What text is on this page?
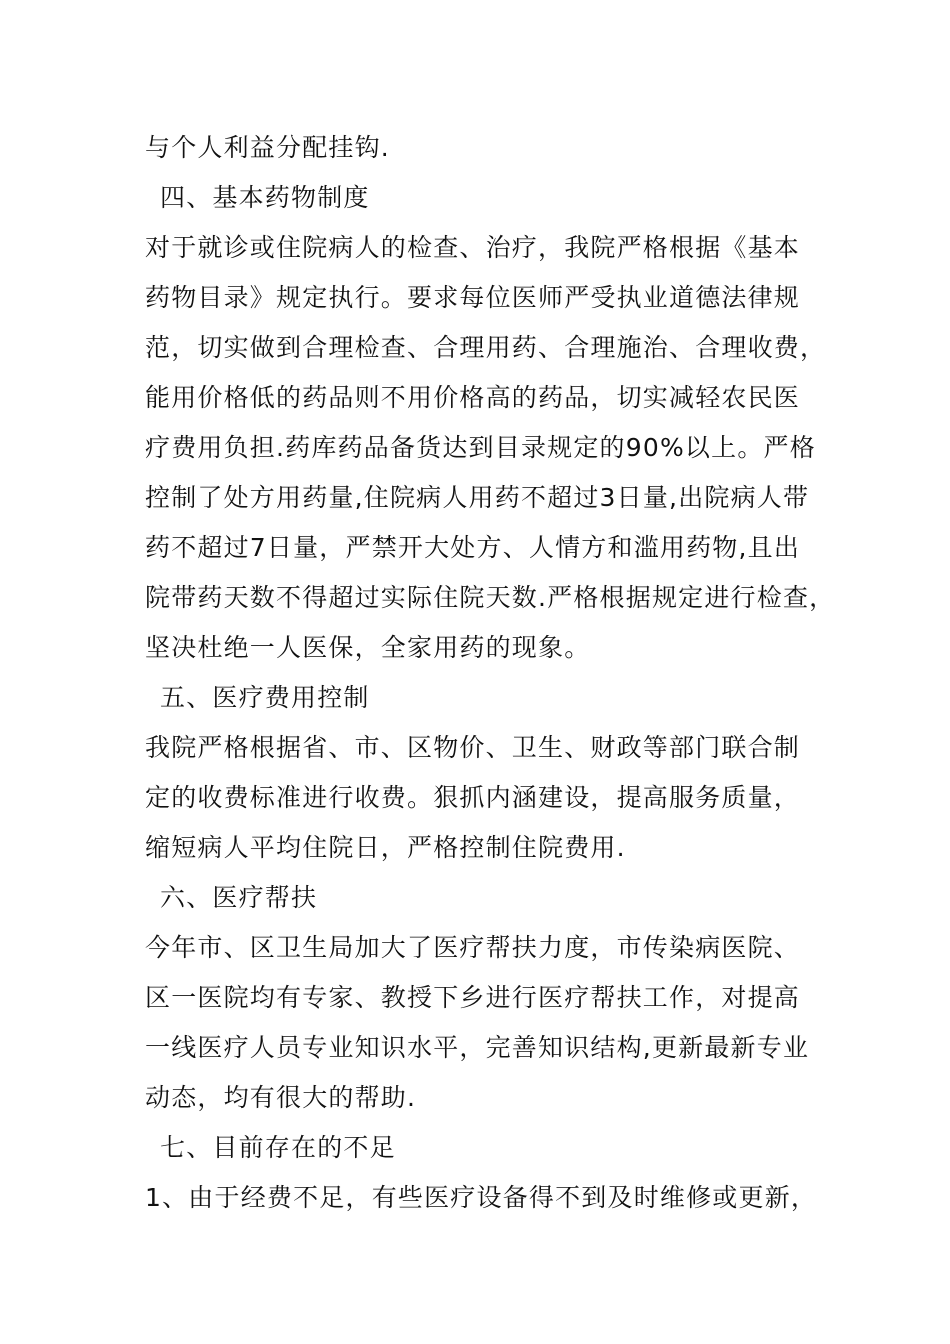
与个人利益分配挂钩.
四、基本药物制度
对于就诊或住院病人的检查、治疗，我院严格根据《基本
药物目录》规定执行。要求每位医师严受执业道德法律规
范，切实做到合理检查、合理用药、合理施治、合理收费，
能用价格低的药品则不用价格高的药品，切实减轻农民医
疗费用负担.药库药品备货达到目录规定的90%以上。严格
控制了处方用药量,住院病人用药不超过3日量,出院病人带
药不超过7日量，严禁开大处方、人情方和滥用药物,且出
院带药天数不得超过实际住院天数.严格根据规定进行检查，
坚决杜绝一人医保，全家用药的现象。
五、医疗费用控制
我院严格根据省、市、区物价、卫生、财政等部门联合制
定的收费标准进行收费。狠抓内涵建设，提高服务质量，
缩短病人平均住院日，严格控制住院费用.
六、医疗帮扶
今年市、区卫生局加大了医疗帮扶力度，市传染病医院、
区一医院均有专家、教授下乡进行医疗帮扶工作，对提高
一线医疗人员专业知识水平，完善知识结构,更新最新专业
动态，均有很大的帮助.
七、目前存在的不足
1、由于经费不足，有些医疗设备得不到及时维修或更新，
